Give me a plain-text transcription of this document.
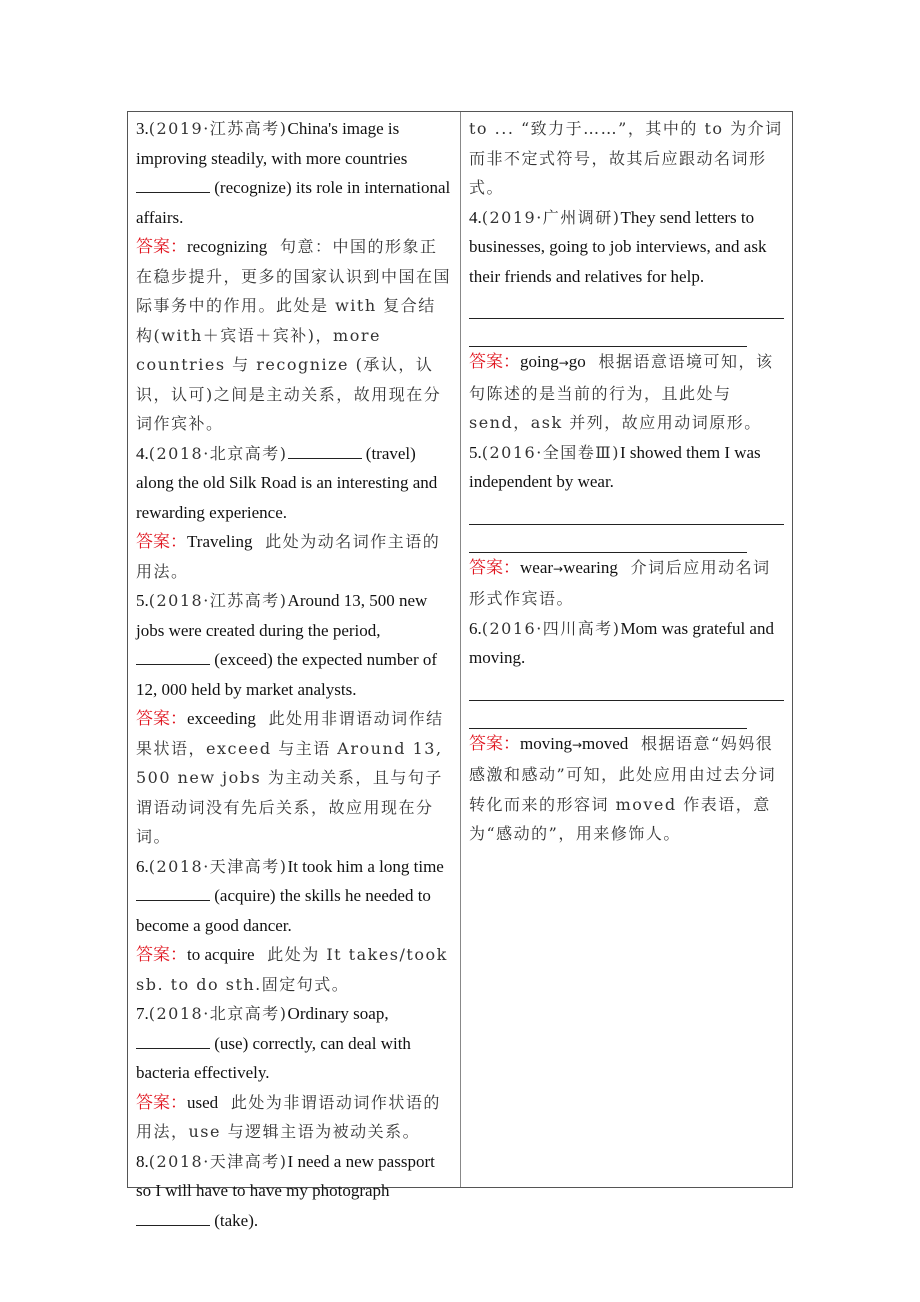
3.(2019·江苏高考)China's image is improving steadily, with more countries  (recognize) its role in international affairs.

答案：recognizing 句意：中国的形象正在稳步提升，更多的国家认识到中国在国际事务中的作用。此处是 with 复合结构(with＋宾语＋宾补)，more countries 与 recognize (承认，认识，认可)之间是主动关系，故用现在分词作宾补。

4.(2018·北京高考)	(travel) along the old Silk Road is an interesting and rewarding experience.

答案：Traveling 此处为动名词作主语的用法。

5.(2018·江苏高考)Around 13, 500 new jobs were created during the period,  (exceed) the expected number of 12, 000 held by market analysts.

答案：exceeding 此处用非谓语动词作结果状语，exceed 与主语 Around 13, 500 new jobs 为主动关系，且与句子谓语动词没有先后关系，故应用现在分词。

6.(2018·天津高考)It took him a long time  (acquire) the skills he needed to become a good dancer.

答案：to acquire 此处为 It takes/took sb. to do sth.固定句式。

7.(2018·北京高考)Ordinary soap,  (use) correctly, can deal with bacteria effectively.

答案：used 此处为非谓语动词作状语的用法，use 与逻辑主语为被动关系。

8.(2018·天津高考)I need a new passport so I will have to have my photograph  (take).

to ... “致力于……”，其中的 to 为介词而非不定式符号，故其后应跟动名词形式。

4.(2019·广州调研)They send letters to businesses, going to job interviews, and ask their friends and relatives for help.

答案：going→go 根据语意语境可知，该句陈述的是当前的行为，且此处与 send，ask 并列，故应用动词原形。

5.(2016·全国卷Ⅲ)I showed them I was independent by wear.

答案：wear→wearing 介词后应用动名词形式作宾语。

6.(2016·四川高考)Mom was grateful and moving.

答案：moving→moved 根据语意“妈妈很感激和感动”可知，此处应用由过去分词转化而来的形容词 moved 作表语，意为“感动的”，用来修饰人。
